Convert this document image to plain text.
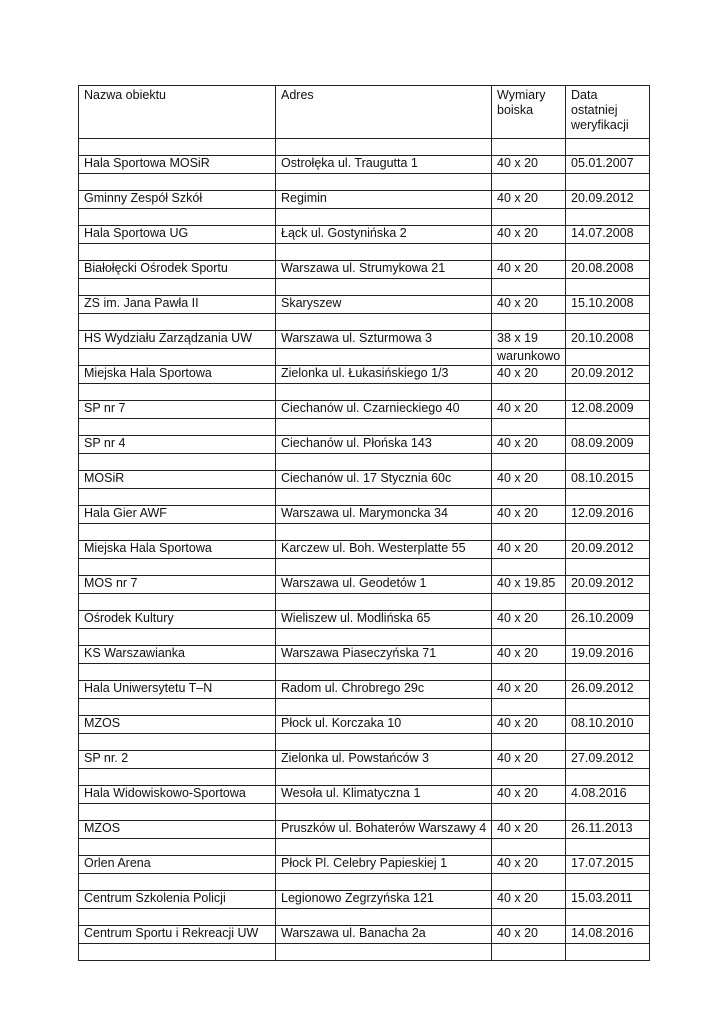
Nazwa obiektu	Adres	Wymiary boiska	Data ostatniej weryfikacji

Hala Sportowa MOSiR	Ostrołęka ul. Traugutta 1	40 x 20	05.01.2007

Gminny Zespół Szkół	Regimin	40 x 20	20.09.2012

Hala Sportowa UG	Łąck ul. Gostynińska 2	40 x 20	14.07.2008

Białołęcki Ośrodek Sportu	Warszawa ul. Strumykowa 21	40 x 20	20.08.2008

ZS im. Jana Pawła II	Skaryszew	40 x 20	15.10.2008

HS Wydziału Zarządzania UW	Warszawa ul. Szturmowa 3	38 x 19	20.10.2008
		warunkowo	
Miejska Hala Sportowa	Zielonka ul. Łukasińskiego 1/3	40 x 20	20.09.2012

SP nr 7	Ciechanów ul. Czarnieckiego 40	40 x 20	12.08.2009

SP nr 4	Ciechanów ul. Płońska 143	40 x 20	08.09.2009

MOSiR	Ciechanów ul. 17 Stycznia 60c	40 x 20	08.10.2015

Hala Gier AWF	Warszawa ul. Marymoncka 34	40 x 20	12.09.2016

Miejska Hala Sportowa	Karczew ul. Boh. Westerplatte 55	40 x 20	20.09.2012

MOS nr 7	Warszawa ul. Geodetów 1	40 x 19.85	20.09.2012

Ośrodek Kultury	Wieliszew ul. Modlińska 65	40 x 20	26.10.2009

KS Warszawianka	Warszawa Piaseczyńska 71	40 x 20	19.09.2016

Hala Uniwersytetu T–N	Radom ul. Chrobrego 29c	40 x 20	26.09.2012

MZOS	Płock ul. Korczaka 10	40 x 20	08.10.2010

SP nr. 2	Zielonka ul. Powstańców 3	40 x 20	27.09.2012

Hala Widowiskowo-Sportowa	Wesoła ul. Klimatyczna 1	40 x 20	4.08.2016

MZOS	Pruszków ul. Bohaterów Warszawy 4	40 x 20	26.11.2013

Orlen Arena	Płock Pl. Celebry Papieskiej 1	40 x 20	17.07.2015

Centrum Szkolenia Policji	Legionowo Zegrzyńska 121	40 x 20	15.03.2011

Centrum Sportu i Rekreacji UW	Warszawa ul. Banacha 2a	40 x 20	14.08.2016
